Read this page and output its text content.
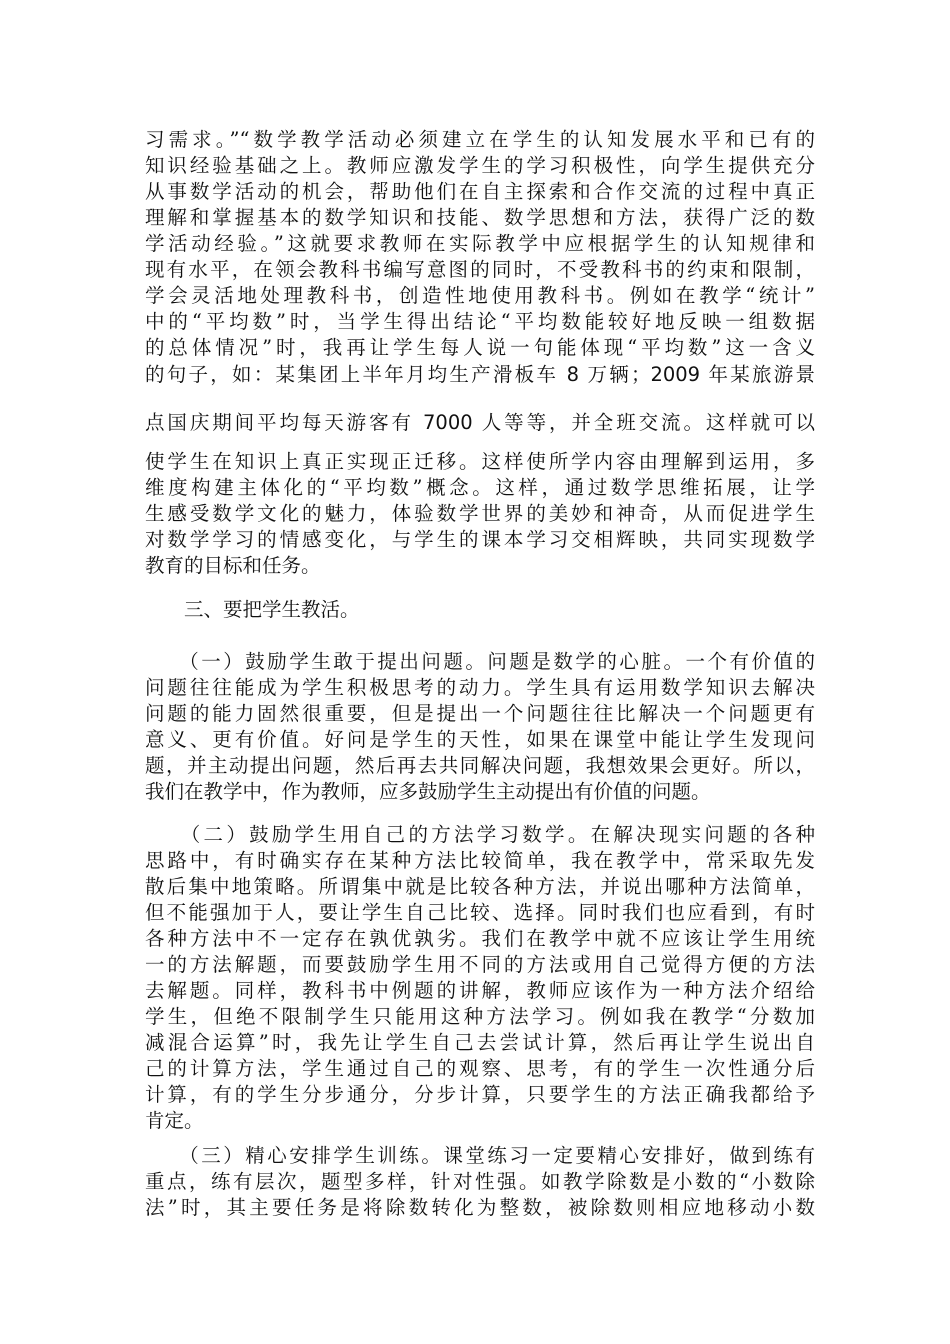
习需求。”“数学教学活动必须建立在学生的认知发展水平和已有的
知识经验基础之上。教师应激发学生的学习积极性，向学生提供充分
从事数学活动的机会，帮助他们在自主探索和合作交流的过程中真正
理解和掌握基本的数学知识和技能、数学思想和方法，获得广泛的数
学活动经验。”这就要求教师在实际教学中应根据学生的认知规律和
现有水平，在领会教科书编写意图的同时，不受教科书的约束和限制，
学会灵活地处理教科书，创造性地使用教科书。例如在教学“统计”
中的“平均数”时，当学生得出结论“平均数能较好地反映一组数据
的总体情况”时，我再让学生每人说一句能体现“平均数”这一含义
的句子，如：某集团上半年月均生产滑板车 8 万辆；2009 年某旅游景
点国庆期间平均每天游客有 7000 人等等，并全班交流。这样就可以
使学生在知识上真正实现正迁移。这样使所学内容由理解到运用，多
维度构建主体化的“平均数”概念。这样，通过数学思维拓展，让学
生感受数学文化的魅力，体验数学世界的美妙和神奇，从而促进学生
对数学学习的情感变化，与学生的课本学习交相辉映，共同实现数学
教育的目标和任务。
　　三、要把学生教活。
　　（一）鼓励学生敢于提出问题。问题是数学的心脏。一个有价值的
问题往往能成为学生积极思考的动力。学生具有运用数学知识去解决
问题的能力固然很重要，但是提出一个问题往往比解决一个问题更有
意义、更有价值。好问是学生的天性，如果在课堂中能让学生发现问
题，并主动提出问题，然后再去共同解决问题，我想效果会更好。所以，
我们在教学中，作为教师，应多鼓励学生主动提出有价值的问题。
　　（二）鼓励学生用自己的方法学习数学。在解决现实问题的各种
思路中，有时确实存在某种方法比较简单，我在教学中，常采取先发
散后集中地策略。所谓集中就是比较各种方法，并说出哪种方法简单，
但不能强加于人，要让学生自己比较、选择。同时我们也应看到，有时
各种方法中不一定存在孰优孰劣。我们在教学中就不应该让学生用统
一的方法解题，而要鼓励学生用不同的方法或用自己觉得方便的方法
去解题。同样，教科书中例题的讲解，教师应该作为一种方法介绍给
学生，但绝不限制学生只能用这种方法学习。例如我在教学“分数加
减混合运算”时，我先让学生自己去尝试计算，然后再让学生说出自
己的计算方法，学生通过自己的观察、思考，有的学生一次性通分后
计算，有的学生分步通分，分步计算，只要学生的方法正确我都给予
肯定。
　　（三）精心安排学生训练。课堂练习一定要精心安排好，做到练有
重点，练有层次，题型多样，针对性强。如教学除数是小数的“小数除
法”时，其主要任务是将除数转化为整数，被除数则相应地移动小数
